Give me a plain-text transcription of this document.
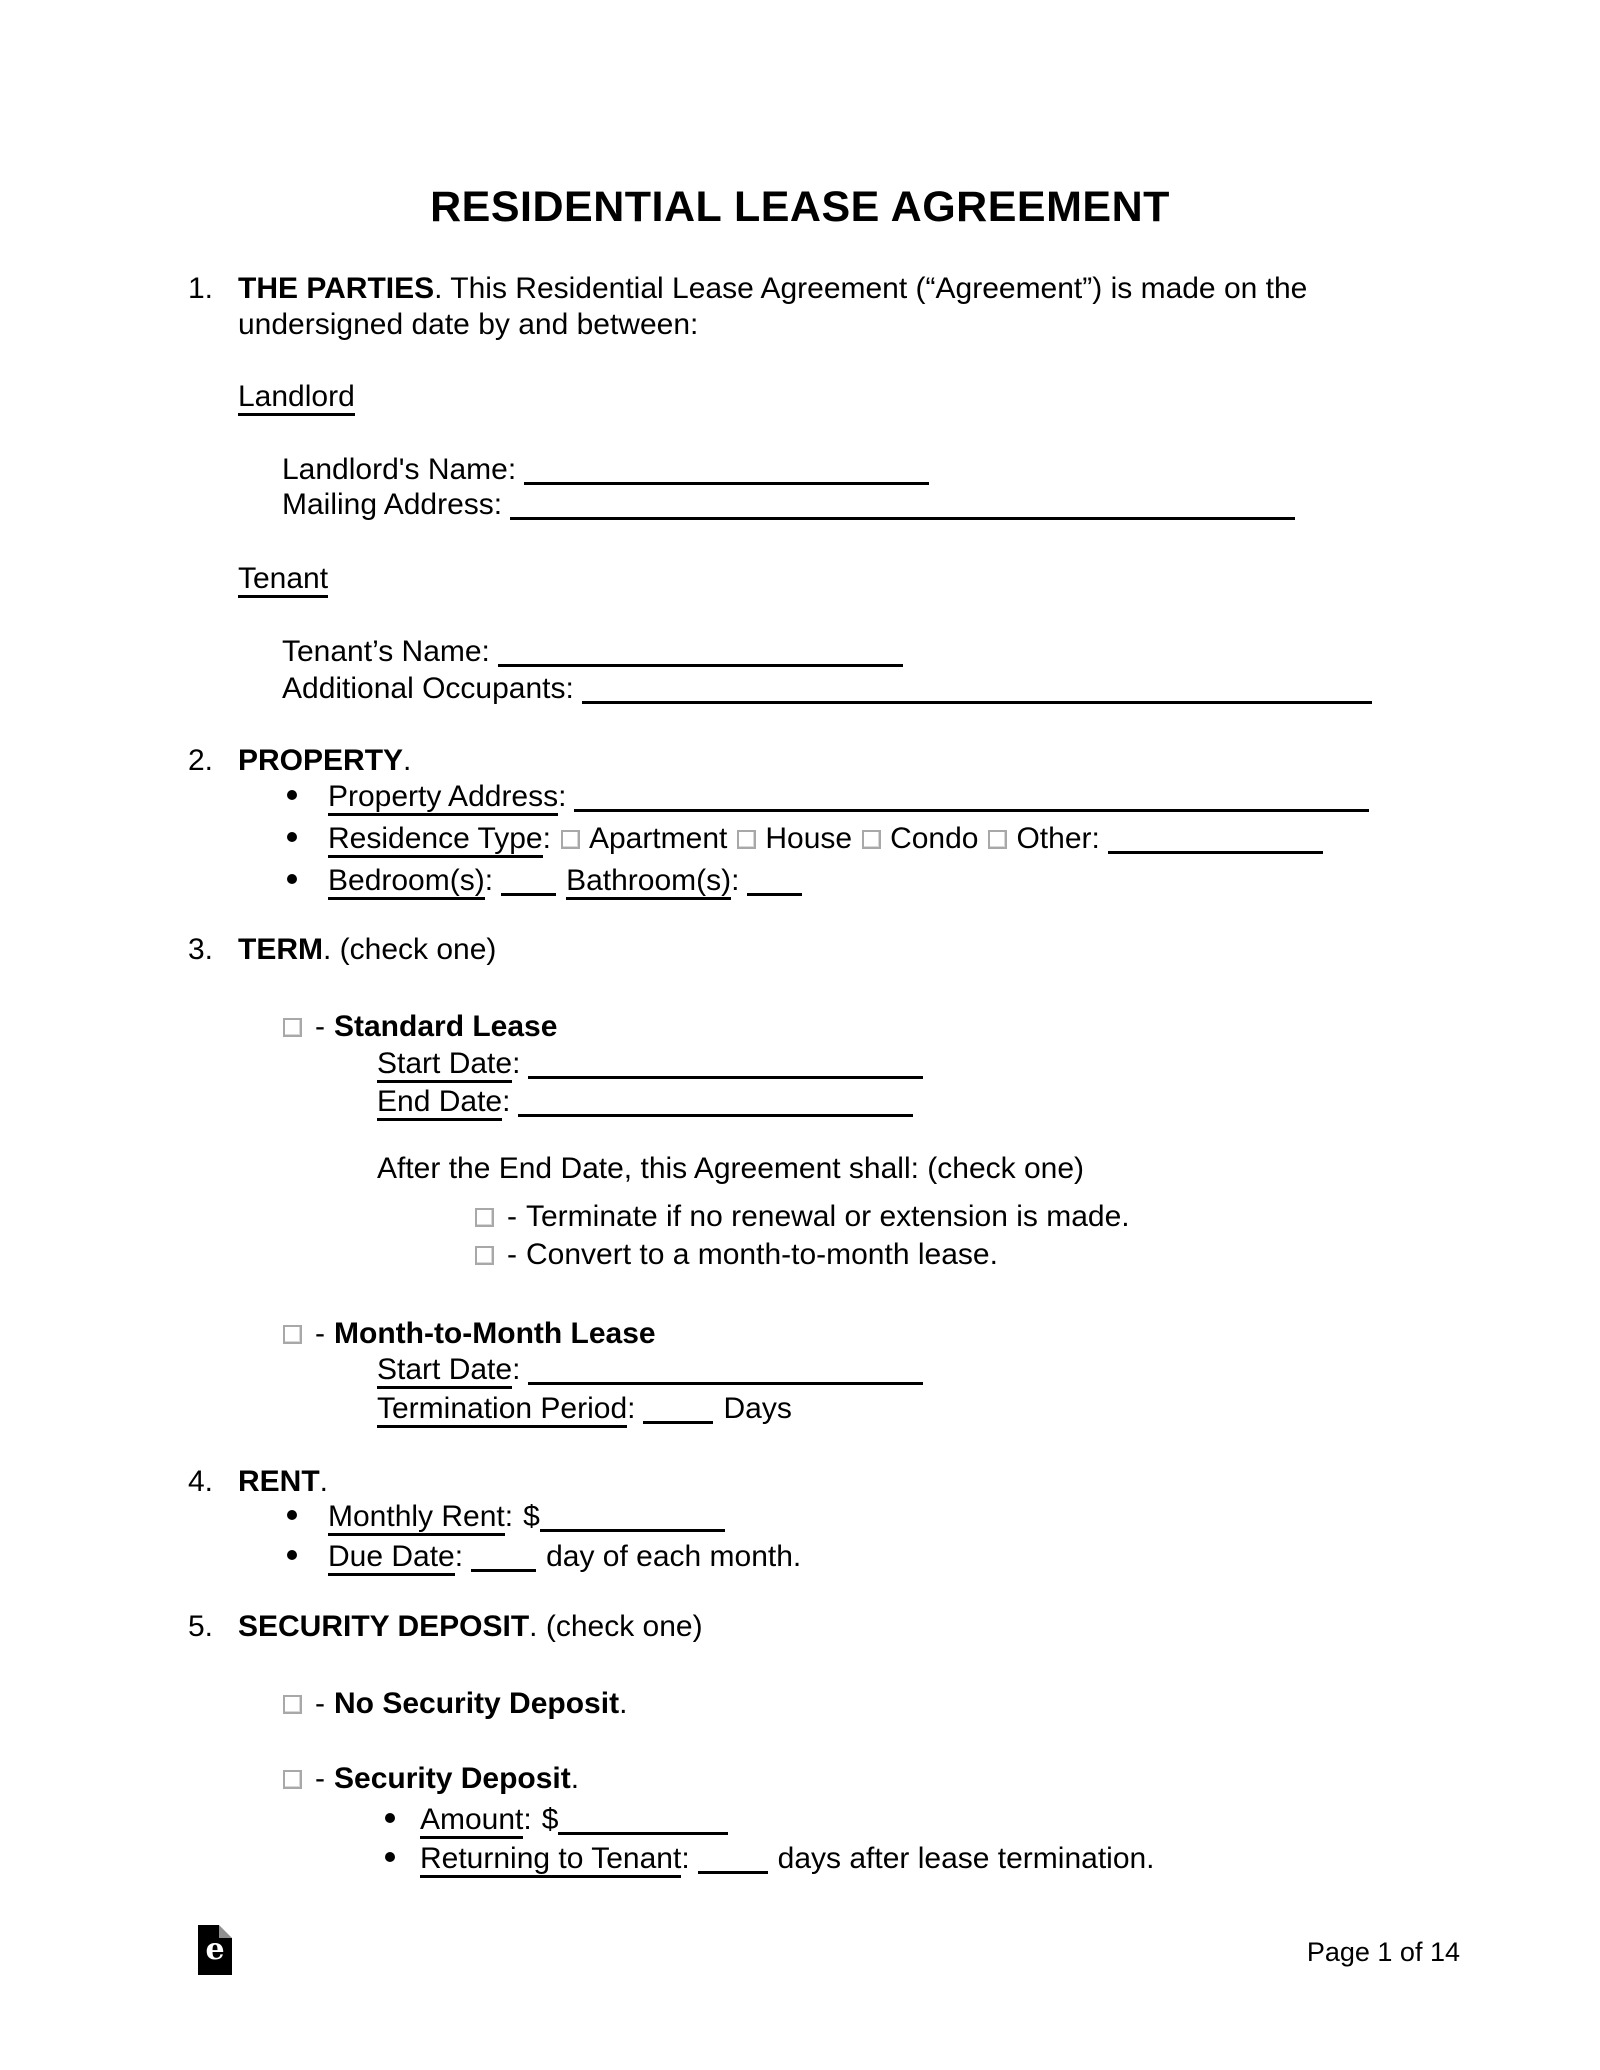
RESIDENTIAL LEASE AGREEMENT
1. THE PARTIES. This Residential Lease Agreement (“Agreement”) is made on the
undersigned date by and between:
Landlord
Landlord's Name:
Mailing Address:
Tenant
Tenant’s Name:
Additional Occupants:
2. PROPERTY.
Property Address:
Residence Type: Apartment House Condo Other:
Bedroom(s): Bathroom(s):
3. TERM. (check one)
- Standard Lease
Start Date:
End Date:
After the End Date, this Agreement shall: (check one)
- Terminate if no renewal or extension is made.
- Convert to a month-to-month lease.
- Month-to-Month Lease
Start Date:
Termination Period:	Days
4. RENT.
Monthly Rent: $
Due Date:	day of each month.
5. SECURITY DEPOSIT. (check one)
- No Security Deposit.
- Security Deposit.
Amount: $
Returning to Tenant:	days after lease termination.
e	Page 1 of 14
